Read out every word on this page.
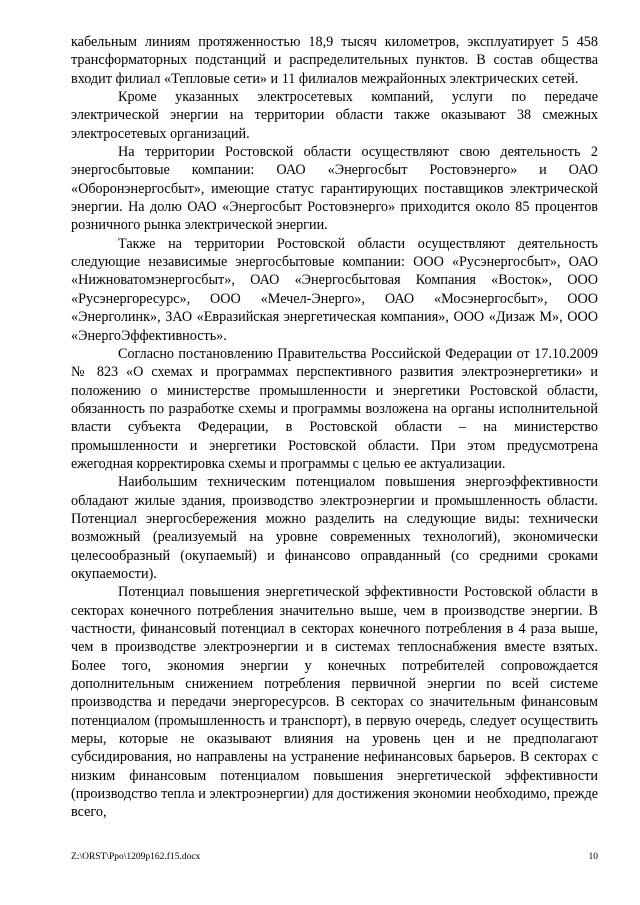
кабельным линиям протяженностью 18,9 тысяч километров, эксплуатирует 5 458 трансформаторных подстанций и распределительных пунктов. В состав общества входит филиал «Тепловые сети» и 11 филиалов межрайонных электрических сетей.

Кроме указанных электросетевых компаний, услуги по передаче электрической энергии на территории области также оказывают 38 смежных электросетевых организаций.

На территории Ростовской области осуществляют свою деятельность 2 энергосбытовые компании: ОАО «Энергосбыт Ростовэнерго» и ОАО «Оборонэнергосбыт», имеющие статус гарантирующих поставщиков электрической энергии. На долю ОАО «Энергосбыт Ростовэнерго» приходится около 85 процентов розничного рынка электрической энергии.

Также на территории Ростовской области осуществляют деятельность следующие независимые энергосбытовые компании: ООО «Русэнергосбыт», ОАО «Нижноватомэнергосбыт», ОАО «Энергосбытовая Компания «Восток», ООО «Русэнергоресурс», ООО «Мечел-Энерго», ОАО «Мосэнергосбыт», ООО «Энерголинк», ЗАО «Евразийская энергетическая компания», ООО «Дизаж М», ООО «ЭнергоЭффективность».

Согласно постановлению Правительства Российской Федерации от 17.10.2009 № 823 «О схемах и программах перспективного развития электроэнергетики» и положению о министерстве промышленности и энергетики Ростовской области, обязанность по разработке схемы и программы возложена на органы исполнительной власти субъекта Федерации, в Ростовской области – на министерство промышленности и энергетики Ростовской области. При этом предусмотрена ежегодная корректировка схемы и программы с целью ее актуализации.

Наибольшим техническим потенциалом повышения энергоэффективности обладают жилые здания, производство электроэнергии и промышленность области. Потенциал энергосбережения можно разделить на следующие виды: технически возможный (реализуемый на уровне современных технологий), экономически целесообразный (окупаемый) и финансово оправданный (со средними сроками окупаемости).

Потенциал повышения энергетической эффективности Ростовской области в секторах конечного потребления значительно выше, чем в производстве энергии. В частности, финансовый потенциал в секторах конечного потребления в 4 раза выше, чем в производстве электроэнергии и в системах теплоснабжения вместе взятых. Более того, экономия энергии у конечных потребителей сопровождается дополнительным снижением потребления первичной энергии по всей системе производства и передачи энергоресурсов. В секторах со значительным финансовым потенциалом (промышленность и транспорт), в первую очередь, следует осуществить меры, которые не оказывают влияния на уровень цен и не предполагают субсидирования, но направлены на устранение нефинансовых барьеров. В секторах с низким финансовым потенциалом повышения энергетической эффективности (производство тепла и электроэнергии) для достижения экономии необходимо, прежде всего,

Z:\ORST\Ppo\1209p162.f15.docx	10
